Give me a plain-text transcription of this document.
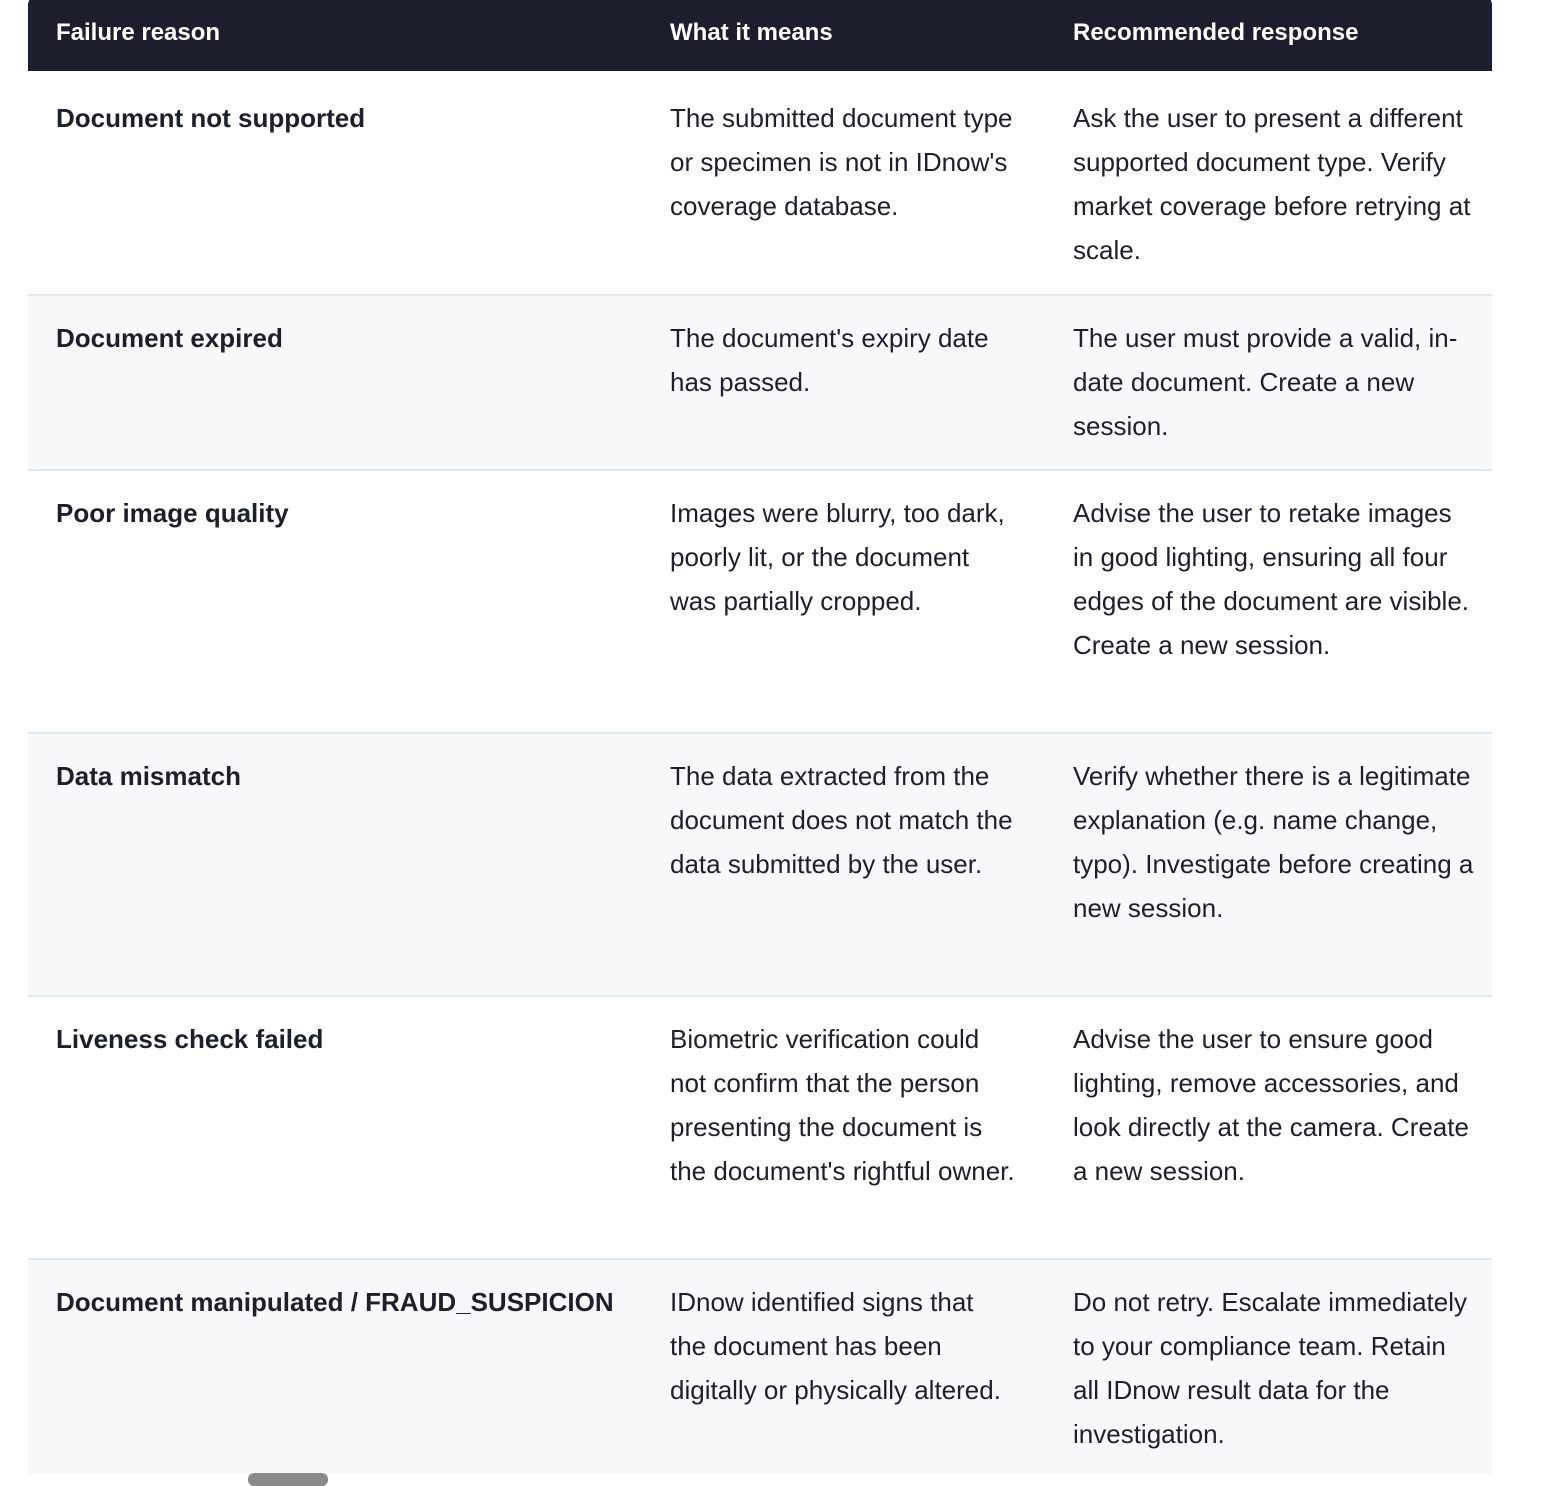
Failure reason	What it means	Recommended response
Document not supported	The submitted document type or specimen is not in IDnow's coverage database.	Ask the user to present a different supported document type. Verify market coverage before retrying at scale.
Document expired	The document's expiry date has passed.	The user must provide a valid, in-date document. Create a new session.
Poor image quality	Images were blurry, too dark, poorly lit, or the document was partially cropped.	Advise the user to retake images in good lighting, ensuring all four edges of the document are visible. Create a new session.
Data mismatch	The data extracted from the document does not match the data submitted by the user.	Verify whether there is a legitimate explanation (e.g. name change, typo). Investigate before creating a new session.
Liveness check failed	Biometric verification could not confirm that the person presenting the document is the document's rightful owner.	Advise the user to ensure good lighting, remove accessories, and look directly at the camera. Create a new session.
Document manipulated / FRAUD_SUSPICION	IDnow identified signs that the document has been digitally or physically altered.	Do not retry. Escalate immediately to your compliance team. Retain all IDnow result data for the investigation.
